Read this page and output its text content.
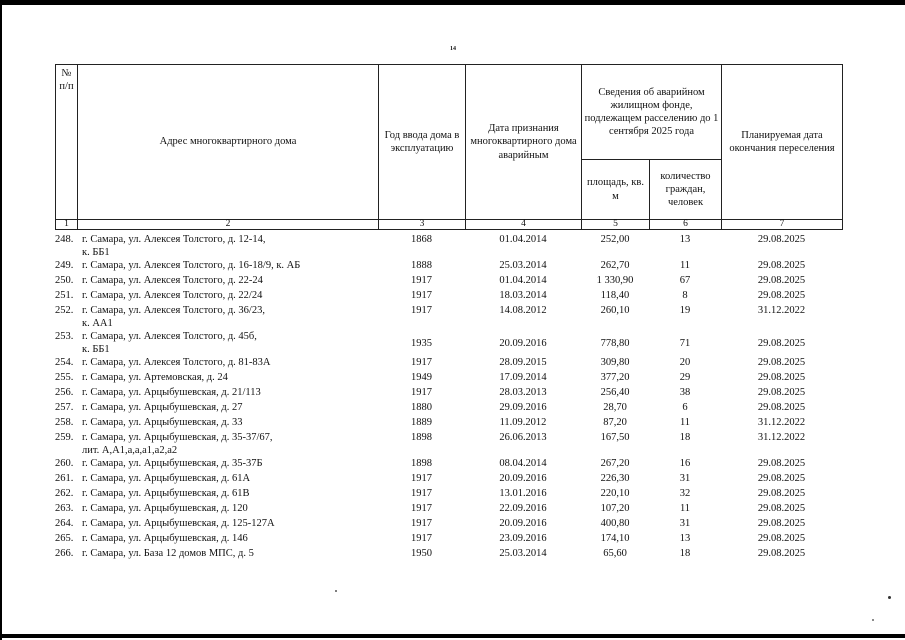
14
№ п/п	Адрес многоквартирного дома	Год ввода дома в эксплуатацию	Дата признания многоквартирного дома аварийным	Сведения об аварийном жилищном фонде, подлежащем расселению до 1 сентября 2025 года		Планируемая дата окончания переселения
				площадь, кв. м	количество граждан, человек	
1	2	3	4	5	6	7
248. г. Самара, ул. Алексея Толстого, д. 12-14,
к. ББ1	1868	01.04.2014	252,00	13	29.08.2025
249. г. Самара, ул. Алексея Толстого, д. 16-18/9, к. АБ	1888	25.03.2014	262,70	11	29.08.2025
250. г. Самара, ул. Алексея Толстого, д. 22-24	1917	01.04.2014	1 330,90	67	29.08.2025
251. г. Самара, ул. Алексея Толстого, д. 22/24	1917	18.03.2014	118,40	8	29.08.2025
252. г. Самара, ул. Алексея Толстого, д. 36/23,
к. АА1	1917	14.08.2012	260,10	19	31.12.2022
253. г. Самара, ул. Алексея Толстого, д. 45б,
к. ББ1	1935	20.09.2016	778,80	71	29.08.2025
254. г. Самара, ул. Алексея Толстого, д. 81-83А	1917	28.09.2015	309,80	20	29.08.2025
255. г. Самара, ул. Артемовская, д. 24	1949	17.09.2014	377,20	29	29.08.2025
256. г. Самара, ул. Арцыбушевская, д. 21/113	1917	28.03.2013	256,40	38	29.08.2025
257. г. Самара, ул. Арцыбушевская, д. 27	1880	29.09.2016	28,70	6	29.08.2025
258. г. Самара, ул. Арцыбушевская, д. 33	1889	11.09.2012	87,20	11	31.12.2022
259. г. Самара, ул. Арцыбушевская, д. 35-37/67,
лит. А,А1,а,а,а1,а2,а2	1898	26.06.2013	167,50	18	31.12.2022
260. г. Самара, ул. Арцыбушевская, д. 35-37Б	1898	08.04.2014	267,20	16	29.08.2025
261. г. Самара, ул. Арцыбушевская, д. 61А	1917	20.09.2016	226,30	31	29.08.2025
262. г. Самара, ул. Арцыбушевская, д. 61В	1917	13.01.2016	220,10	32	29.08.2025
263. г. Самара, ул. Арцыбушевская, д. 120	1917	22.09.2016	107,20	11	29.08.2025
264. г. Самара, ул. Арцыбушевская, д. 125-127А	1917	20.09.2016	400,80	31	29.08.2025
265. г. Самара, ул. Арцыбушевская, д. 146	1917	23.09.2016	174,10	13	29.08.2025
266. г. Самара, ул. База 12 домов МПС, д. 5	1950	25.03.2014	65,60	18	29.08.2025
